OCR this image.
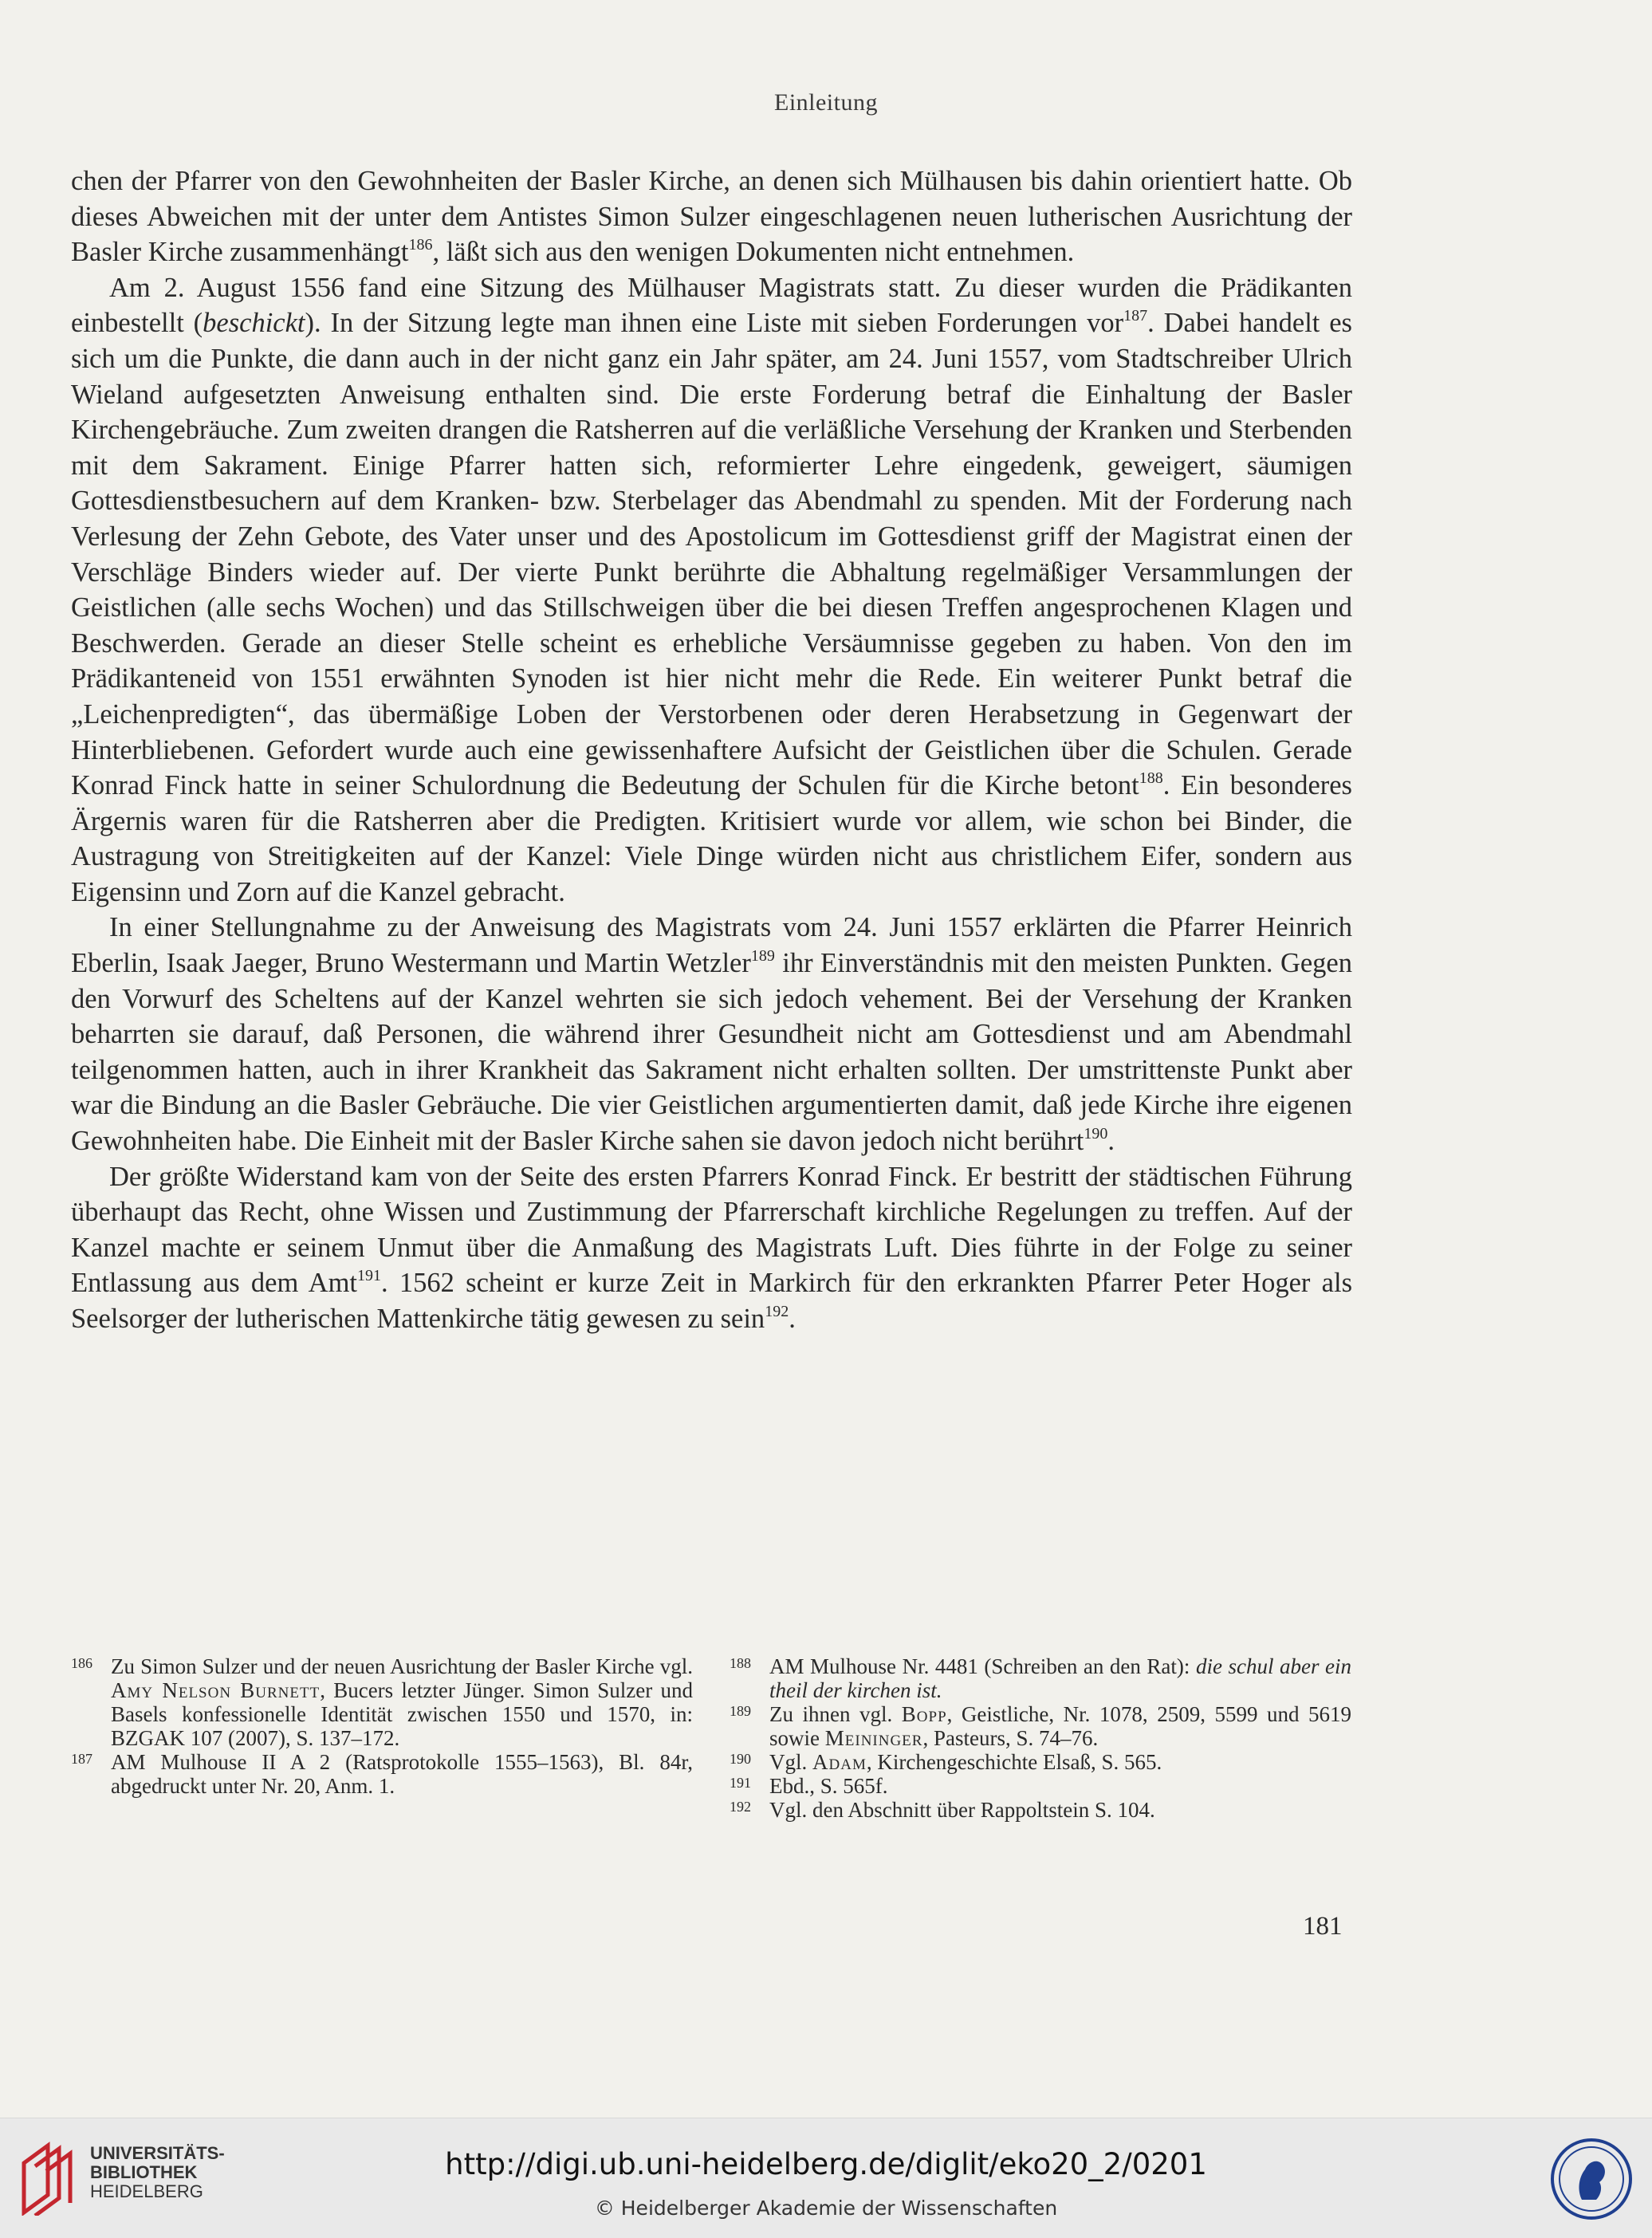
Einleitung

chen der Pfarrer von den Gewohnheiten der Basler Kirche, an denen sich Mülhausen bis dahin orientiert hatte. Ob dieses Abweichen mit der unter dem Antistes Simon Sulzer eingeschlagenen neuen lutherischen Ausrichtung der Basler Kirche zusammenhängt$^{186}$, läßt sich aus den wenigen Dokumenten nicht entnehmen.

Am 2. August 1556 fand eine Sitzung des Mülhauser Magistrats statt. Zu dieser wurden die Prädikanten einbestellt (beschickt). In der Sitzung legte man ihnen eine Liste mit sieben Forderungen vor$^{187}$. Dabei handelt es sich um die Punkte, die dann auch in der nicht ganz ein Jahr später, am 24. Juni 1557, vom Stadtschreiber Ulrich Wieland aufgesetzten Anweisung enthalten sind. Die erste Forderung betraf die Einhaltung der Basler Kirchengebräuche. Zum zweiten drangen die Ratsherren auf die verläßliche Versehung der Kranken und Sterbenden mit dem Sakrament. Einige Pfarrer hatten sich, reformierter Lehre eingedenk, geweigert, säumigen Gottesdienstbesuchern auf dem Kranken- bzw. Sterbelager das Abendmahl zu spenden. Mit der Forderung nach Verlesung der Zehn Gebote, des Vater unser und des Apostolicum im Gottesdienst griff der Magistrat einen der Verschläge Binders wieder auf. Der vierte Punkt berührte die Abhaltung regelmäßiger Versammlungen der Geistlichen (alle sechs Wochen) und das Stillschweigen über die bei diesen Treffen angesprochenen Klagen und Beschwerden. Gerade an dieser Stelle scheint es erhebliche Versäumnisse gegeben zu haben. Von den im Prädikanteneid von 1551 erwähnten Synoden ist hier nicht mehr die Rede. Ein weiterer Punkt betraf die „Leichenpredigten“, das übermäßige Loben der Verstorbenen oder deren Herabsetzung in Gegenwart der Hinterbliebenen. Gefordert wurde auch eine gewissenhaftere Aufsicht der Geistlichen über die Schulen. Gerade Konrad Finck hatte in seiner Schulordnung die Bedeutung der Schulen für die Kirche betont$^{188}$. Ein besonderes Ärgernis waren für die Ratsherren aber die Predigten. Kritisiert wurde vor allem, wie schon bei Binder, die Austragung von Streitigkeiten auf der Kanzel: Viele Dinge würden nicht aus christlichem Eifer, sondern aus Eigensinn und Zorn auf die Kanzel gebracht.

In einer Stellungnahme zu der Anweisung des Magistrats vom 24. Juni 1557 erklärten die Pfarrer Heinrich Eberlin, Isaak Jaeger, Bruno Westermann und Martin Wetzler$^{189}$ ihr Einverständnis mit den meisten Punkten. Gegen den Vorwurf des Scheltens auf der Kanzel wehrten sie sich jedoch vehement. Bei der Versehung der Kranken beharrten sie darauf, daß Personen, die während ihrer Gesundheit nicht am Gottesdienst und am Abendmahl teilgenommen hatten, auch in ihrer Krankheit das Sakrament nicht erhalten sollten. Der umstrittenste Punkt aber war die Bindung an die Basler Gebräuche. Die vier Geistlichen argumentierten damit, daß jede Kirche ihre eigenen Gewohnheiten habe. Die Einheit mit der Basler Kirche sahen sie davon jedoch nicht berührt$^{190}$.

Der größte Widerstand kam von der Seite des ersten Pfarrers Konrad Finck. Er bestritt der städtischen Führung überhaupt das Recht, ohne Wissen und Zustimmung der Pfarrerschaft kirchliche Regelungen zu treffen. Auf der Kanzel machte er seinem Unmut über die Anmaßung des Magistrats Luft. Dies führte in der Folge zu seiner Entlassung aus dem Amt$^{191}$. 1562 scheint er kurze Zeit in Markirch für den erkrankten Pfarrer Peter Hoger als Seelsorger der lutherischen Mattenkirche tätig gewesen zu sein$^{192}$.

186 Zu Simon Sulzer und der neuen Ausrichtung der Basler Kirche vgl. Amy Nelson Burnett, Bucers letzter Jünger. Simon Sulzer und Basels konfessionelle Identität zwischen 1550 und 1570, in: BZGAK 107 (2007), S. 137–172.
187 AM Mulhouse II A 2 (Ratsprotokolle 1555–1563), Bl. 84r, abgedruckt unter Nr. 20, Anm. 1.
188 AM Mulhouse Nr. 4481 (Schreiben an den Rat): die schul aber ein theil der kirchen ist.
189 Zu ihnen vgl. Bopp, Geistliche, Nr. 1078, 2509, 5599 und 5619 sowie Meininger, Pasteurs, S. 74–76.
190 Vgl. Adam, Kirchengeschichte Elsaß, S. 565.
191 Ebd., S. 565f.
192 Vgl. den Abschnitt über Rappoltstein S. 104.
181
UNIVERSITÄTS-
BIBLIOTHEK
HEIDELBERG
http://digi.ub.uni-heidelberg.de/diglit/eko20_2/0201
© Heidelberger Akademie der Wissenschaften
